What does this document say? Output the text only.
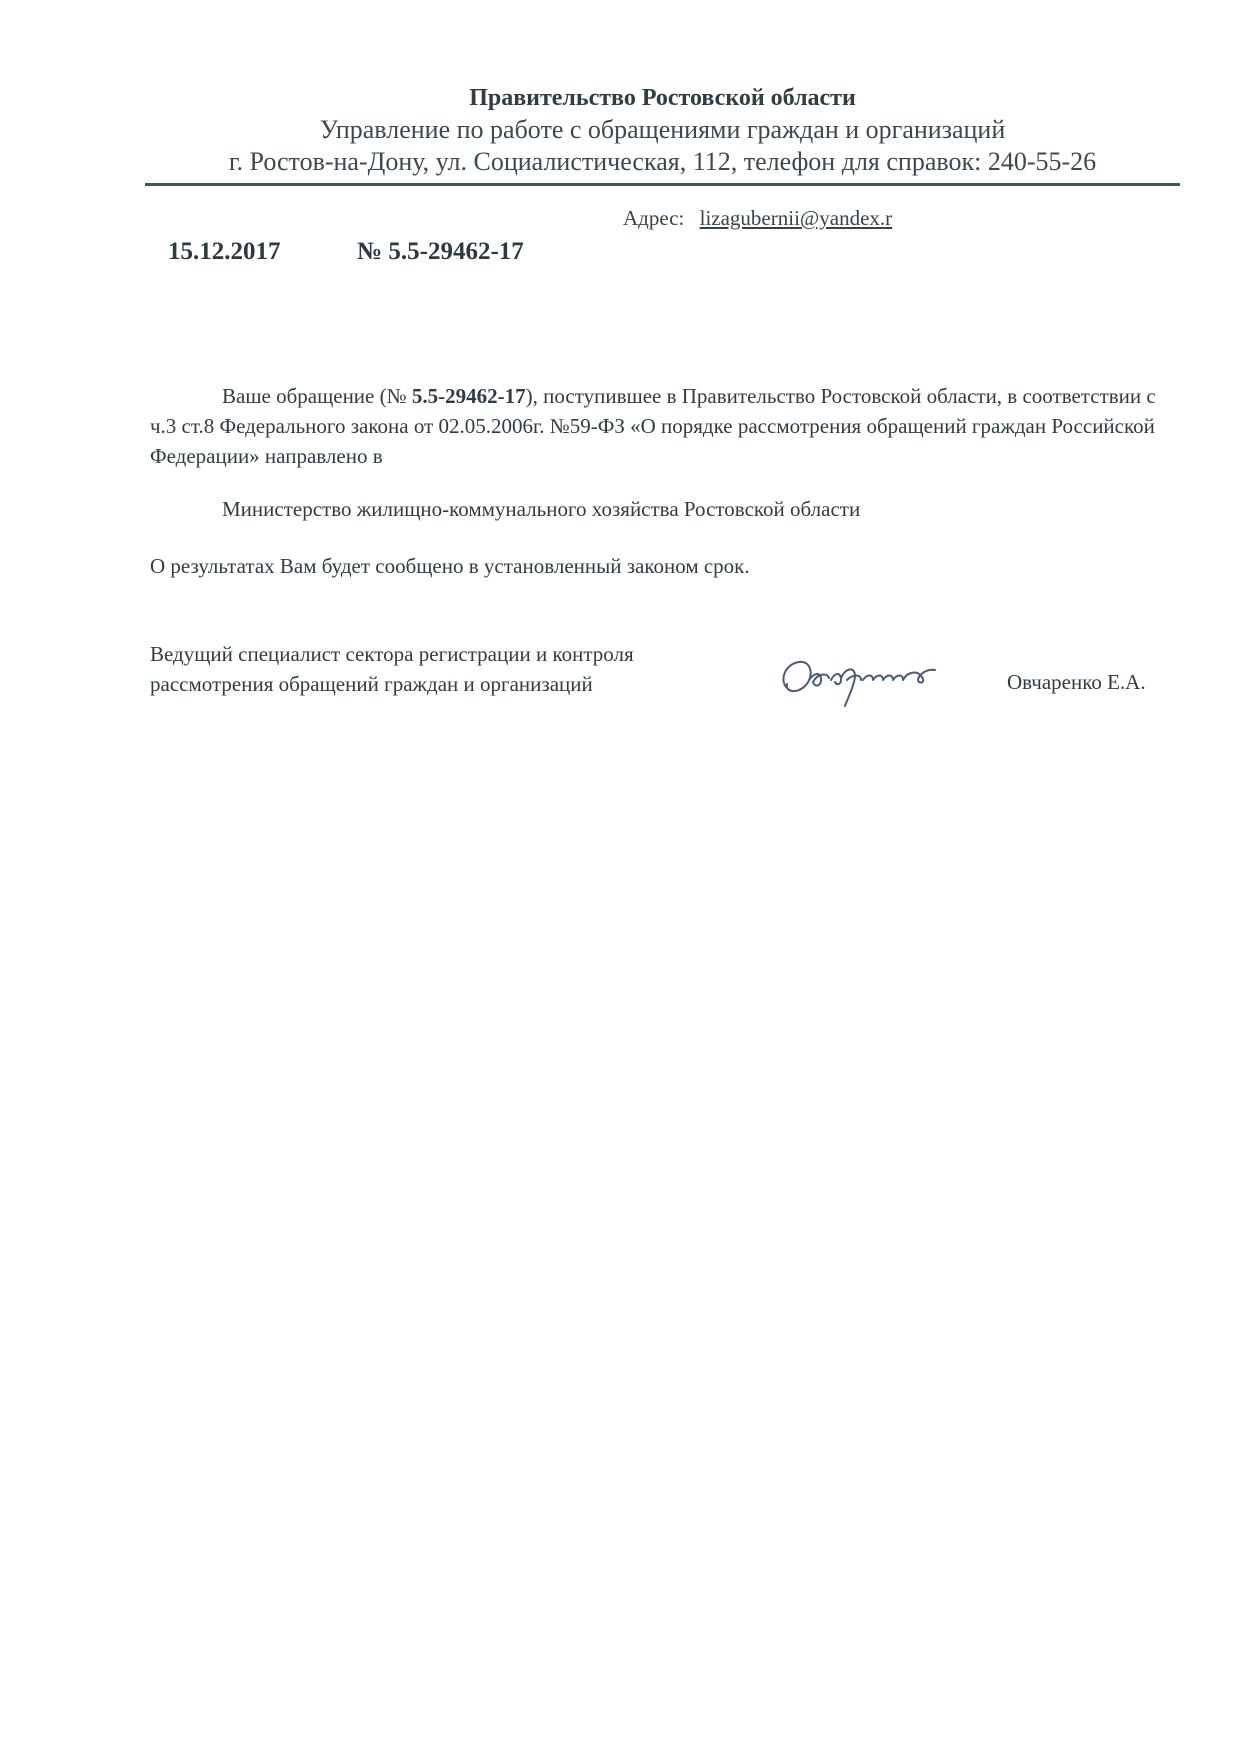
Правительство Ростовской области
Управление по работе с обращениями граждан и организаций
г. Ростов-на-Дону, ул. Социалистическая, 112, телефон для справок: 240-55-26
Адрес: lizagubernii@yandex.r
15.12.2017	№ 5.5-29462-17
Ваше обращение (№ 5.5-29462-17), поступившее в Правительство Ростовской области, в соответствии с ч.3 ст.8 Федерального закона от 02.05.2006г. №59-ФЗ «О порядке рассмотрения обращений граждан Российской Федерации» направлено в
Министерство жилищно-коммунального хозяйства Ростовской области
О результатах Вам будет сообщено в установленный законом срок.
Ведущий специалист сектора регистрации и контроля
рассмотрения обращений граждан и организаций	Овчаренко Е.А.
